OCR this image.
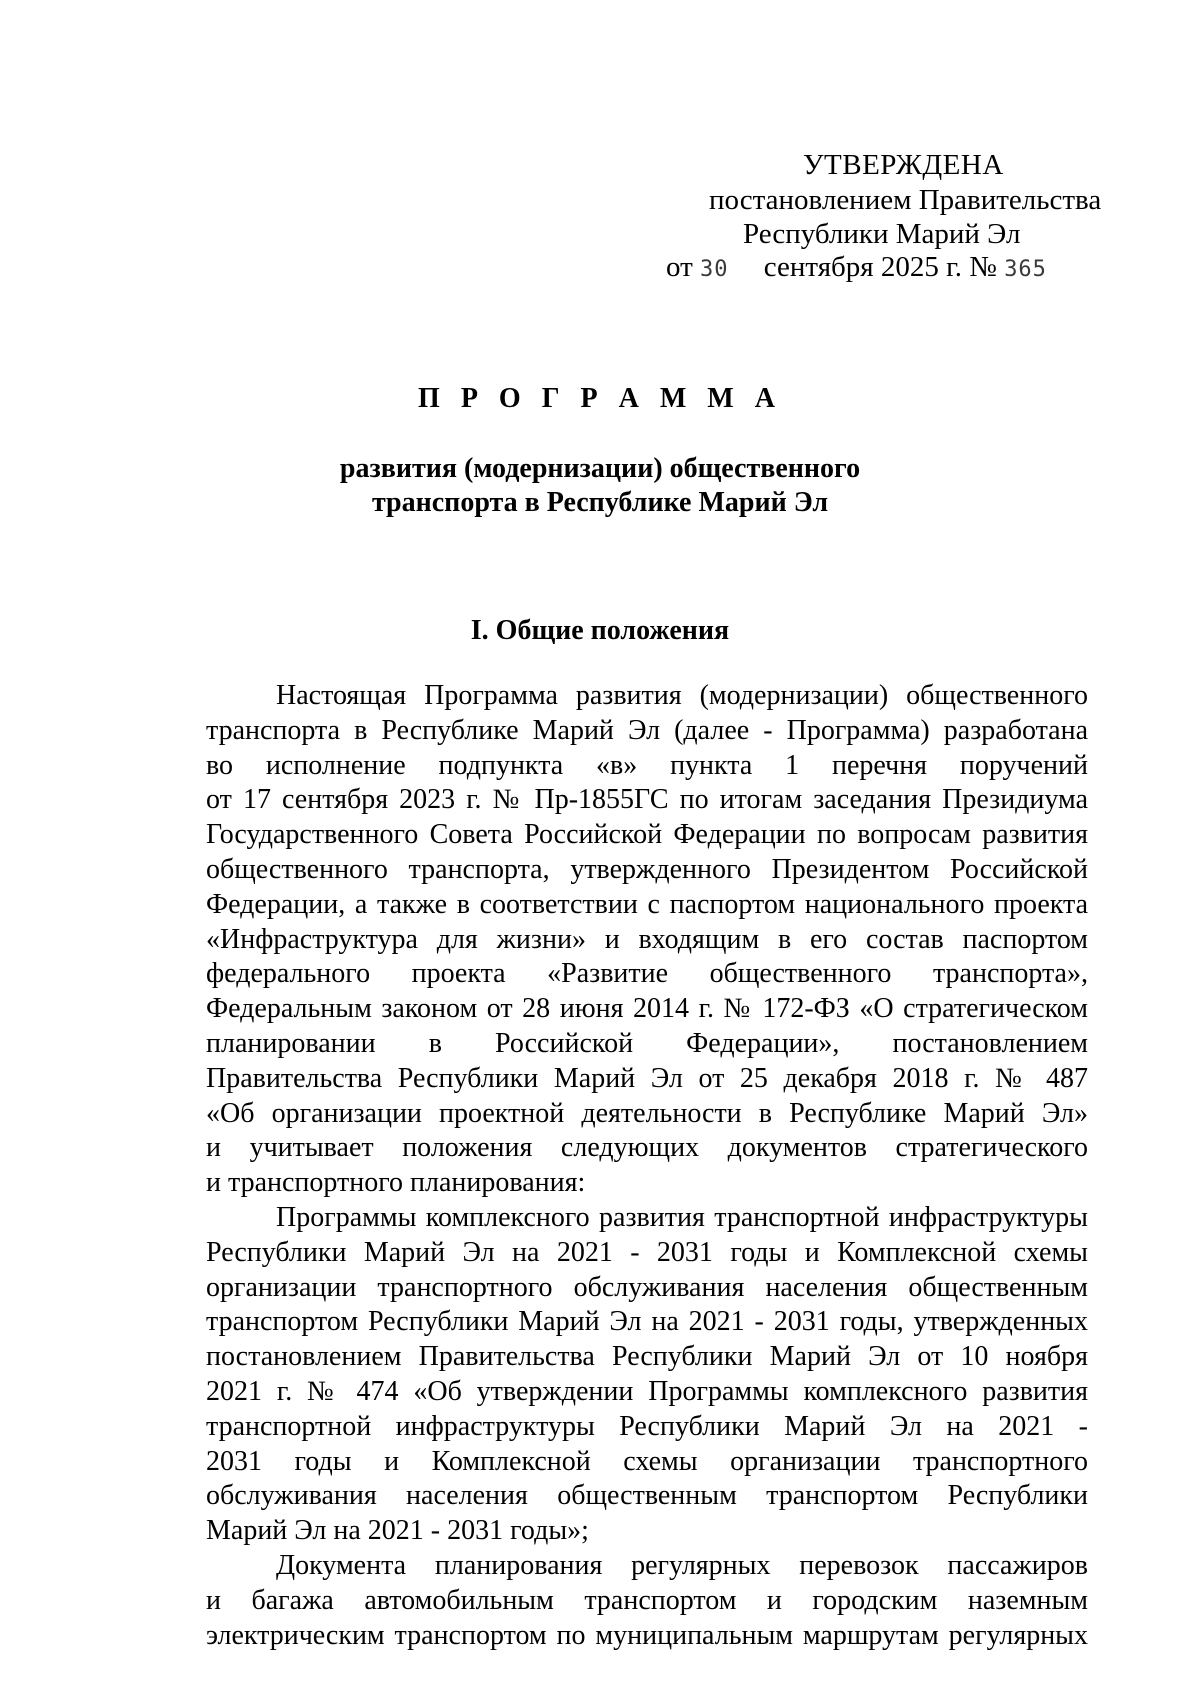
УТВЕРЖДЕНА
постановлением Правительства
Республики Марий Эл
от 30 сентября 2025 г. № 365
П Р О Г Р А М М А
развития (модернизации) общественного
транспорта в Республике Марий Эл
I. Общие положения
Настоящая Программа развития (модернизации) общественного
транспорта в Республике Марий Эл (далее - Программа) разработана
во исполнение подпункта «в» пункта 1 перечня поручений
от 17 сентября 2023 г. № Пр-1855ГС по итогам заседания Президиума
Государственного Совета Российской Федерации по вопросам развития
общественного транспорта, утвержденного Президентом Российской
Федерации, а также в соответствии с паспортом национального проекта
«Инфраструктура для жизни» и входящим в его состав паспортом
федерального проекта «Развитие общественного транспорта»,
Федеральным законом от 28 июня 2014 г. № 172-ФЗ «О стратегическом
планировании в Российской Федерации», постановлением
Правительства Республики Марий Эл от 25 декабря 2018 г. № 487
«Об организации проектной деятельности в Республике Марий Эл»
и учитывает положения следующих документов стратегического
и транспортного планирования:
Программы комплексного развития транспортной инфраструктуры
Республики Марий Эл на 2021 - 2031 годы и Комплексной схемы
организации транспортного обслуживания населения общественным
транспортом Республики Марий Эл на 2021 - 2031 годы, утвержденных
постановлением Правительства Республики Марий Эл от 10 ноября
2021 г. № 474 «Об утверждении Программы комплексного развития
транспортной инфраструктуры Республики Марий Эл на 2021 -
2031 годы и Комплексной схемы организации транспортного
обслуживания населения общественным транспортом Республики
Марий Эл на 2021 - 2031 годы»;
Документа планирования регулярных перевозок пассажиров
и багажа автомобильным транспортом и городским наземным
электрическим транспортом по муниципальным маршрутам регулярных
